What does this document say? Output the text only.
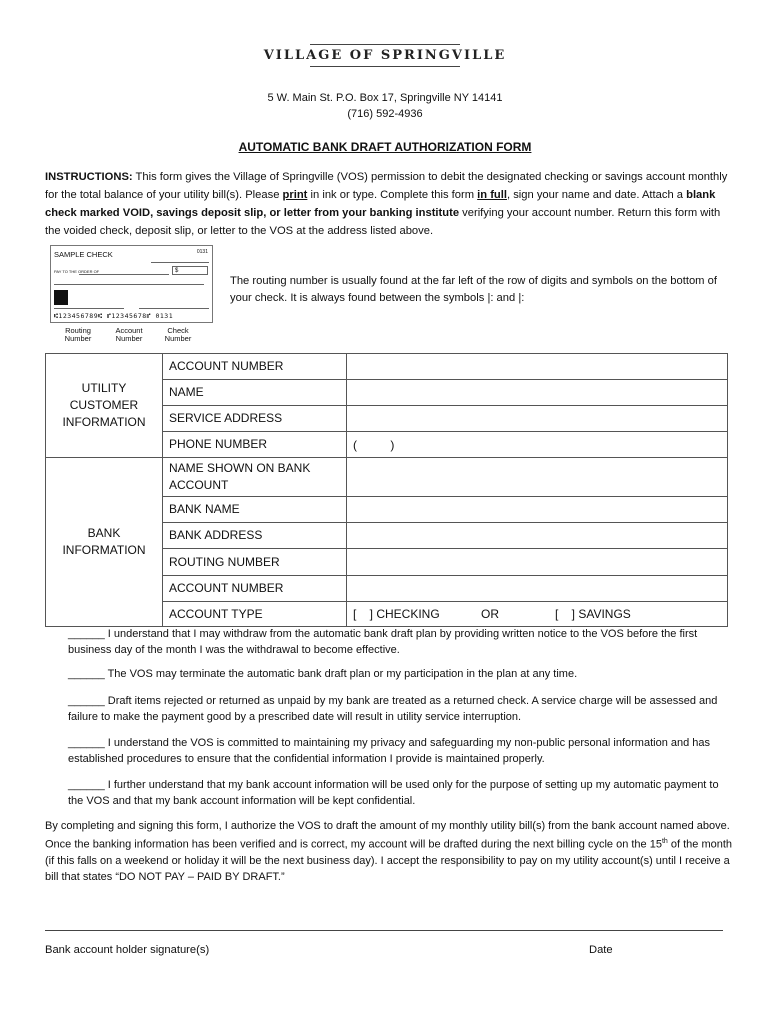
VILLAGE OF SPRINGVILLE
5 W. Main St. P.O. Box 17, Springville NY 14141
(716) 592-4936
AUTOMATIC BANK DRAFT AUTHORIZATION FORM
INSTRUCTIONS: This form gives the Village of Springville (VOS) permission to debit the designated checking or savings account monthly for the total balance of your utility bill(s). Please print in ink or type. Complete this form in full, sign your name and date. Attach a blank check marked VOID, savings deposit slip, or letter from your banking institute verifying your account number. Return this form with the voided check, deposit slip, or letter to the VOS at the address listed above.
SAMPLE CHECK	0131
PAY TO THE ORDER OF	$
⑆123456789⑆ ⑈12345678⑈ 0131
Routing
Number
Account
Number
Check
Number
The routing number is usually found at the far left of the row of digits and symbols on the bottom of your check. It is always found between the symbols |: and |:
UTILITY
CUSTOMER
INFORMATION	ACCOUNT NUMBER	
	NAME	
	SERVICE ADDRESS	
	PHONE NUMBER	(          )
BANK
INFORMATION	NAME SHOWN ON BANK ACCOUNT	
	BANK NAME	
	BANK ADDRESS	
	ROUTING NUMBER	
	ACCOUNT NUMBER	
	ACCOUNT TYPE	[    ] CHECKING OR [    ] SAVINGS
______ I understand that I may withdraw from the automatic bank draft plan by providing written notice to the VOS before the first business day of the month I was the withdrawal to become effective.
______ The VOS may terminate the automatic bank draft plan or my participation in the plan at any time.
______ Draft items rejected or returned as unpaid by my bank are treated as a returned check. A service charge will be assessed and failure to make the payment good by a prescribed date will result in utility service interruption.
______ I understand the VOS is committed to maintaining my privacy and safeguarding my non-public personal information and has established procedures to ensure that the confidential information I provide is maintained properly.
______ I further understand that my bank account information will be used only for the purpose of setting up my automatic payment to the VOS and that my bank account information will be kept confidential.
By completing and signing this form, I authorize the VOS to draft the amount of my monthly utility bill(s) from the bank account named above. Once the banking information has been verified and is correct, my account will be drafted during the next billing cycle on the 15th of the month (if this falls on a weekend or holiday it will be the next business day). I accept the responsibility to pay on my utility account(s) until I receive a bill that states “DO NOT PAY – PAID BY DRAFT.”
Bank account holder signature(s)	Date
